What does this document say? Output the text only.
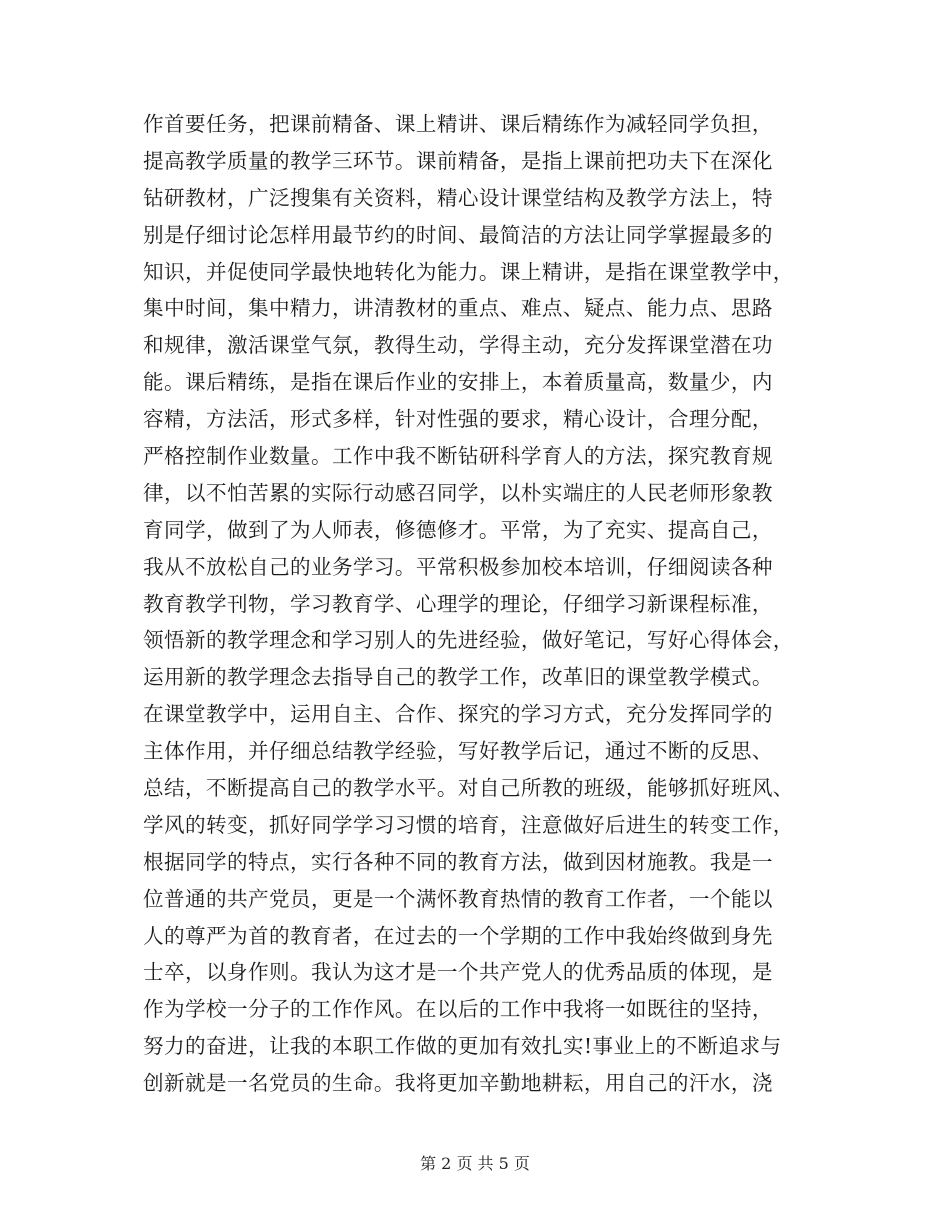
作首要任务，把课前精备、课上精讲、课后精练作为减轻同学负担，
提高教学质量的教学三环节。课前精备，是指上课前把功夫下在深化
钻研教材，广泛搜集有关资料，精心设计课堂结构及教学方法上，特
别是仔细讨论怎样用最节约的时间、最简洁的方法让同学掌握最多的
知识，并促使同学最快地转化为能力。课上精讲，是指在课堂教学中，
集中时间，集中精力，讲清教材的重点、难点、疑点、能力点、思路
和规律，激活课堂气氛，教得生动，学得主动，充分发挥课堂潜在功
能。课后精练，是指在课后作业的安排上，本着质量高，数量少，内
容精，方法活，形式多样，针对性强的要求，精心设计，合理分配，
严格控制作业数量。工作中我不断钻研科学育人的方法，探究教育规
律，以不怕苦累的实际行动感召同学，以朴实端庄的人民老师形象教
育同学，做到了为人师表，修德修才。平常，为了充实、提高自己，
我从不放松自己的业务学习。平常积极参加校本培训，仔细阅读各种
教育教学刊物，学习教育学、心理学的理论，仔细学习新课程标准，
领悟新的教学理念和学习别人的先进经验，做好笔记，写好心得体会，
运用新的教学理念去指导自己的教学工作，改革旧的课堂教学模式。
在课堂教学中，运用自主、合作、探究的学习方式，充分发挥同学的
主体作用，并仔细总结教学经验，写好教学后记，通过不断的反思、
总结，不断提高自己的教学水平。对自己所教的班级，能够抓好班风、
学风的转变，抓好同学学习习惯的培育，注意做好后进生的转变工作，
根据同学的特点，实行各种不同的教育方法，做到因材施教。我是一
位普通的共产党员，更是一个满怀教育热情的教育工作者，一个能以
人的尊严为首的教育者，在过去的一个学期的工作中我始终做到身先
士卒，以身作则。我认为这才是一个共产党人的优秀品质的体现，是
作为学校一分子的工作作风。在以后的工作中我将一如既往的坚持，
努力的奋进，让我的本职工作做的更加有效扎实!事业上的不断追求与
创新就是一名党员的生命。我将更加辛勤地耕耘，用自己的汗水，浇
第 2 页 共 5 页
